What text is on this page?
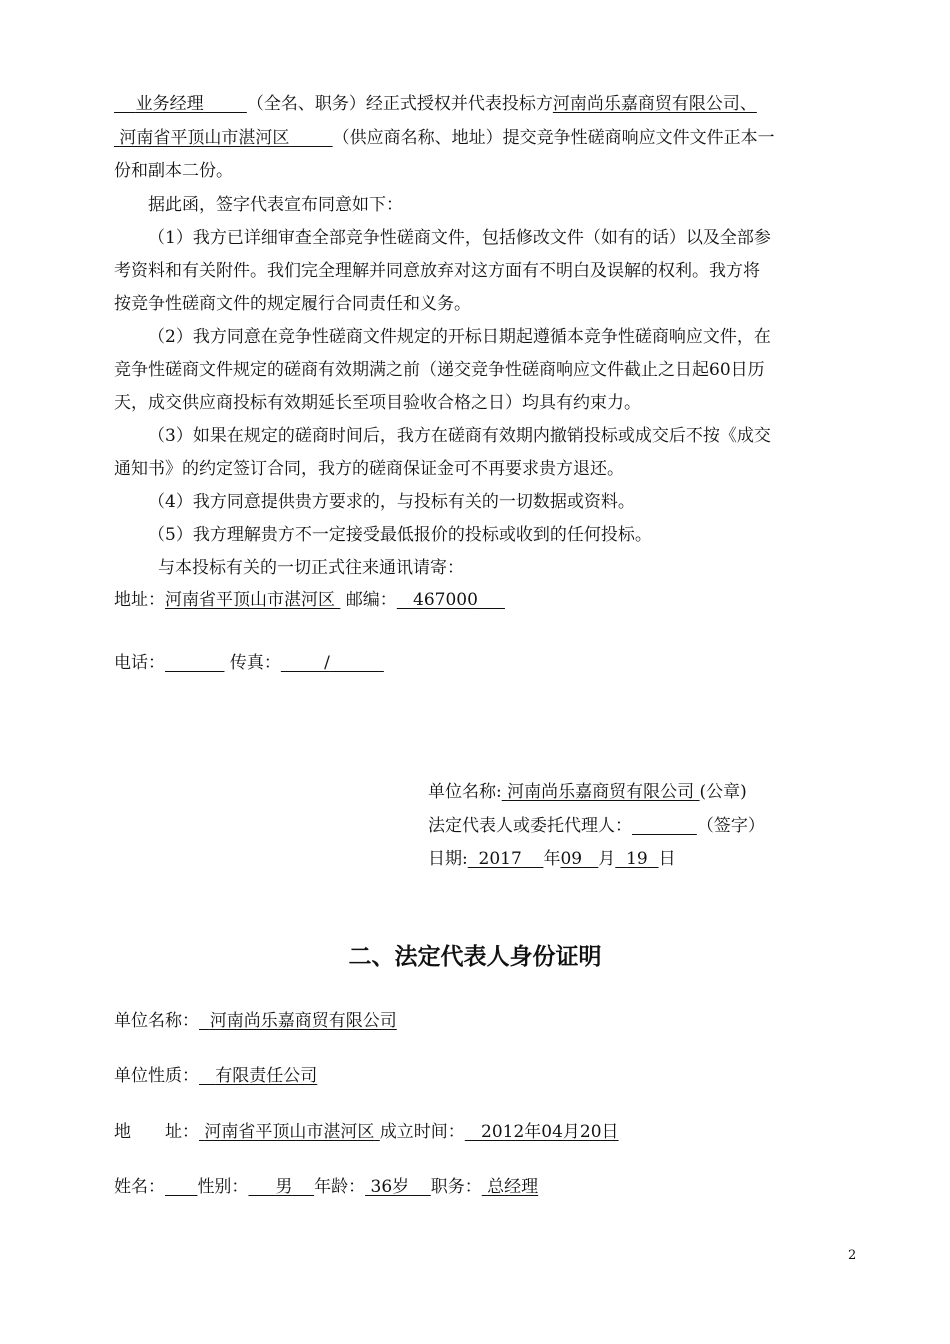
业务经理	（全名、职务）经正式授权并代表投标方河南尚乐嘉商贸有限公司、
河南省平顶山市湛河区	（供应商名称、地址）提交竞争性磋商响应文件文件正本一
份和副本二份。
据此函，签字代表宣布同意如下：
（1）我方已详细审查全部竞争性磋商文件，包括修改文件（如有的话）以及全部参
考资料和有关附件。我们完全理解并同意放弃对这方面有不明白及误解的权利。我方将
按竞争性磋商文件的规定履行合同责任和义务。
（2）我方同意在竞争性磋商文件规定的开标日期起遵循本竞争性磋商响应文件，在
竞争性磋商文件规定的磋商有效期满之前（递交竞争性磋商响应文件截止之日起60日历
天，成交供应商投标有效期延长至项目验收合格之日）均具有约束力。
（3）如果在规定的磋商时间后，我方在磋商有效期内撤销投标或成交后不按《成交
通知书》的约定签订合同，我方的磋商保证金可不再要求贵方退还。
（4）我方同意提供贵方要求的，与投标有关的一切数据或资料。
（5）我方理解贵方不一定接受最低报价的投标或收到的任何投标。
与本投标有关的一切正式往来通讯请寄：
地址：河南省平顶山市湛河区 邮编： 467000
电话：	传真：	/
单位名称: 河南尚乐嘉商贸有限公司 (公章)
法定代表人或委托代理人：	（签字）
日期: 2017 年09 月 19 日
二、法定代表人身份证明
单位名称： 河南尚乐嘉商贸有限公司
单位性质： 有限责任公司
地　　址： 河南省平顶山市湛河区 成立时间： 2012年04月20日
姓名： 性别： 男 年龄： 36岁 职务： 总经理
2
